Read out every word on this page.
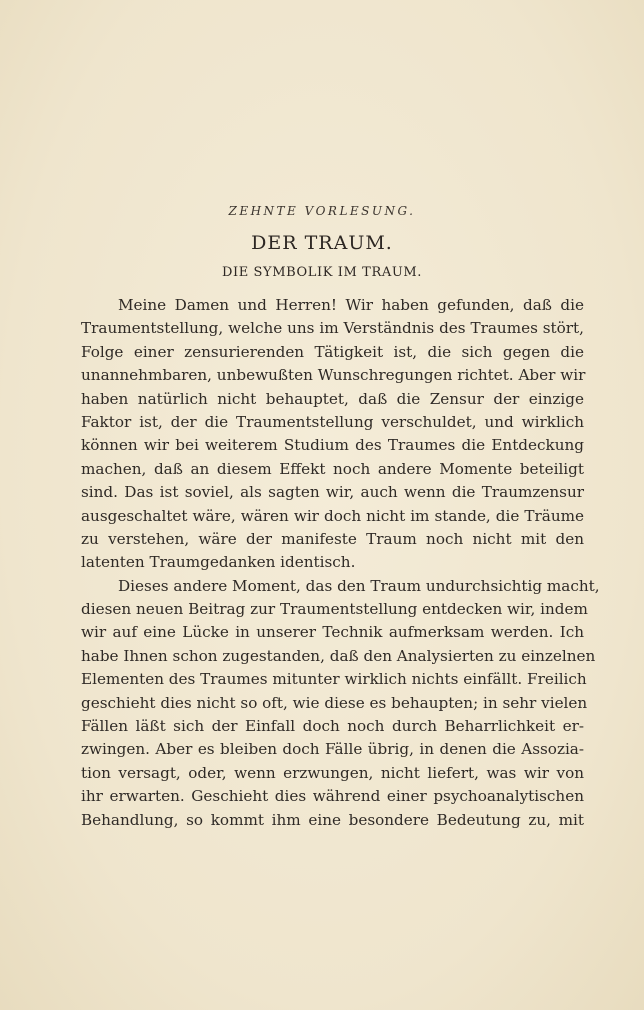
ZEHNTE VORLESUNG.
DER TRAUM.
DIE SYMBOLIK IM TRAUM.
Meine Damen und Herren! Wir haben gefunden, daß die
Traumentstellung, welche uns im Verständnis des Traumes stört,
Folge einer zensurierenden Tätigkeit ist, die sich gegen die
unannehmbaren, unbewußten Wunschregungen richtet. Aber wir
haben natürlich nicht behauptet, daß die Zensur der einzige
Faktor ist, der die Traumentstellung verschuldet, und wirklich
können wir bei weiterem Studium des Traumes die Entdeckung
machen, daß an diesem Effekt noch andere Momente beteiligt
sind. Das ist soviel, als sagten wir, auch wenn die Traumzensur
ausgeschaltet wäre, wären wir doch nicht im stande, die Träume
zu verstehen, wäre der manifeste Traum noch nicht mit den
latenten Traumgedanken identisch.
Dieses andere Moment, das den Traum undurchsichtig macht,
diesen neuen Beitrag zur Traumentstellung entdecken wir, indem
wir auf eine Lücke in unserer Technik aufmerksam werden. Ich
habe Ihnen schon zugestanden, daß den Analysierten zu einzelnen
Elementen des Traumes mitunter wirklich nichts einfällt. Freilich
geschieht dies nicht so oft, wie diese es behaupten; in sehr vielen
Fällen läßt sich der Einfall doch noch durch Beharrlichkeit er-
zwingen. Aber es bleiben doch Fälle übrig, in denen die Assozia-
tion versagt, oder, wenn erzwungen, nicht liefert, was wir von
ihr erwarten. Geschieht dies während einer psychoanalytischen
Behandlung, so kommt ihm eine besondere Bedeutung zu, mit
